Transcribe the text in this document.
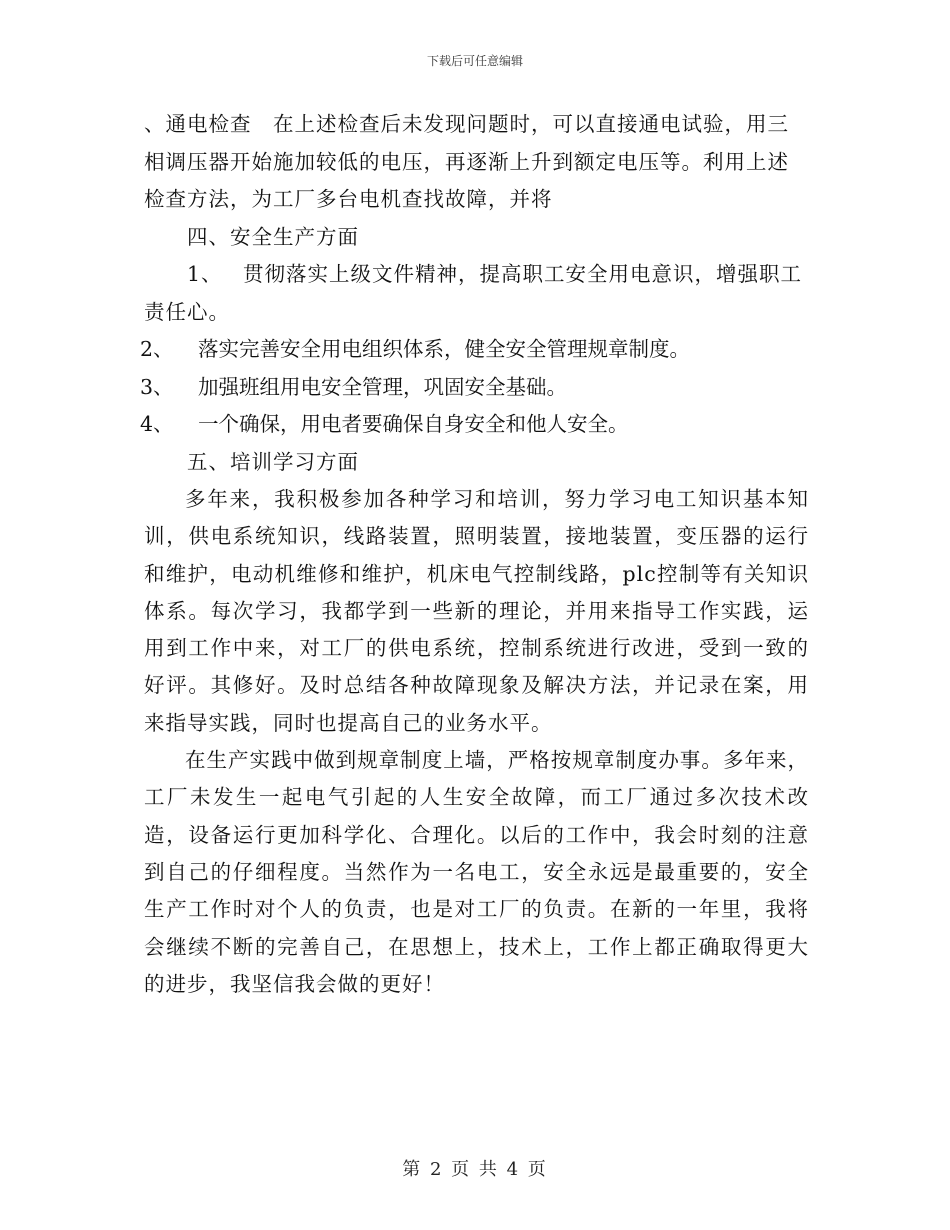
下载后可任意编辑
、通电检查　在上述检查后未发现问题时，可以直接通电试验，用三
相调压器开始施加较低的电压，再逐渐上升到额定电压等。利用上述
检查方法，为工厂多台电机查找故障，并将
四、安全生产方面
1、 贯彻落实上级文件精神，提高职工安全用电意识，增强职工
责任心。
2、 落实完善安全用电组织体系，健全安全管理规章制度。
3、 加强班组用电安全管理，巩固安全基础。
4、 一个确保，用电者要确保自身安全和他人安全。
五、培训学习方面

多年来，我积极参加各种学习和培训，努力学习电工知识基本知训，供电系统知识，线路装置，照明装置，接地装置，变压器的运行和维护，电动机维修和维护，机床电气控制线路，plc控制等有关知识体系。每次学习，我都学到一些新的理论，并用来指导工作实践，运用到工作中来，对工厂的供电系统，控制系统进行改进，受到一致的好评。其修好。及时总结各种故障现象及解决方法，并记录在案，用来指导实践，同时也提高自己的业务水平。

在生产实践中做到规章制度上墙，严格按规章制度办事。多年来，工厂未发生一起电气引起的人生安全故障，而工厂通过多次技术改造，设备运行更加科学化、合理化。以后的工作中，我会时刻的注意到自己的仔细程度。当然作为一名电工，安全永远是最重要的，安全生产工作时对个人的负责，也是对工厂的负责。在新的一年里，我将会继续不断的完善自己，在思想上，技术上，工作上都正确取得更大的进步，我坚信我会做的更好！

第 2 页 共 4 页
